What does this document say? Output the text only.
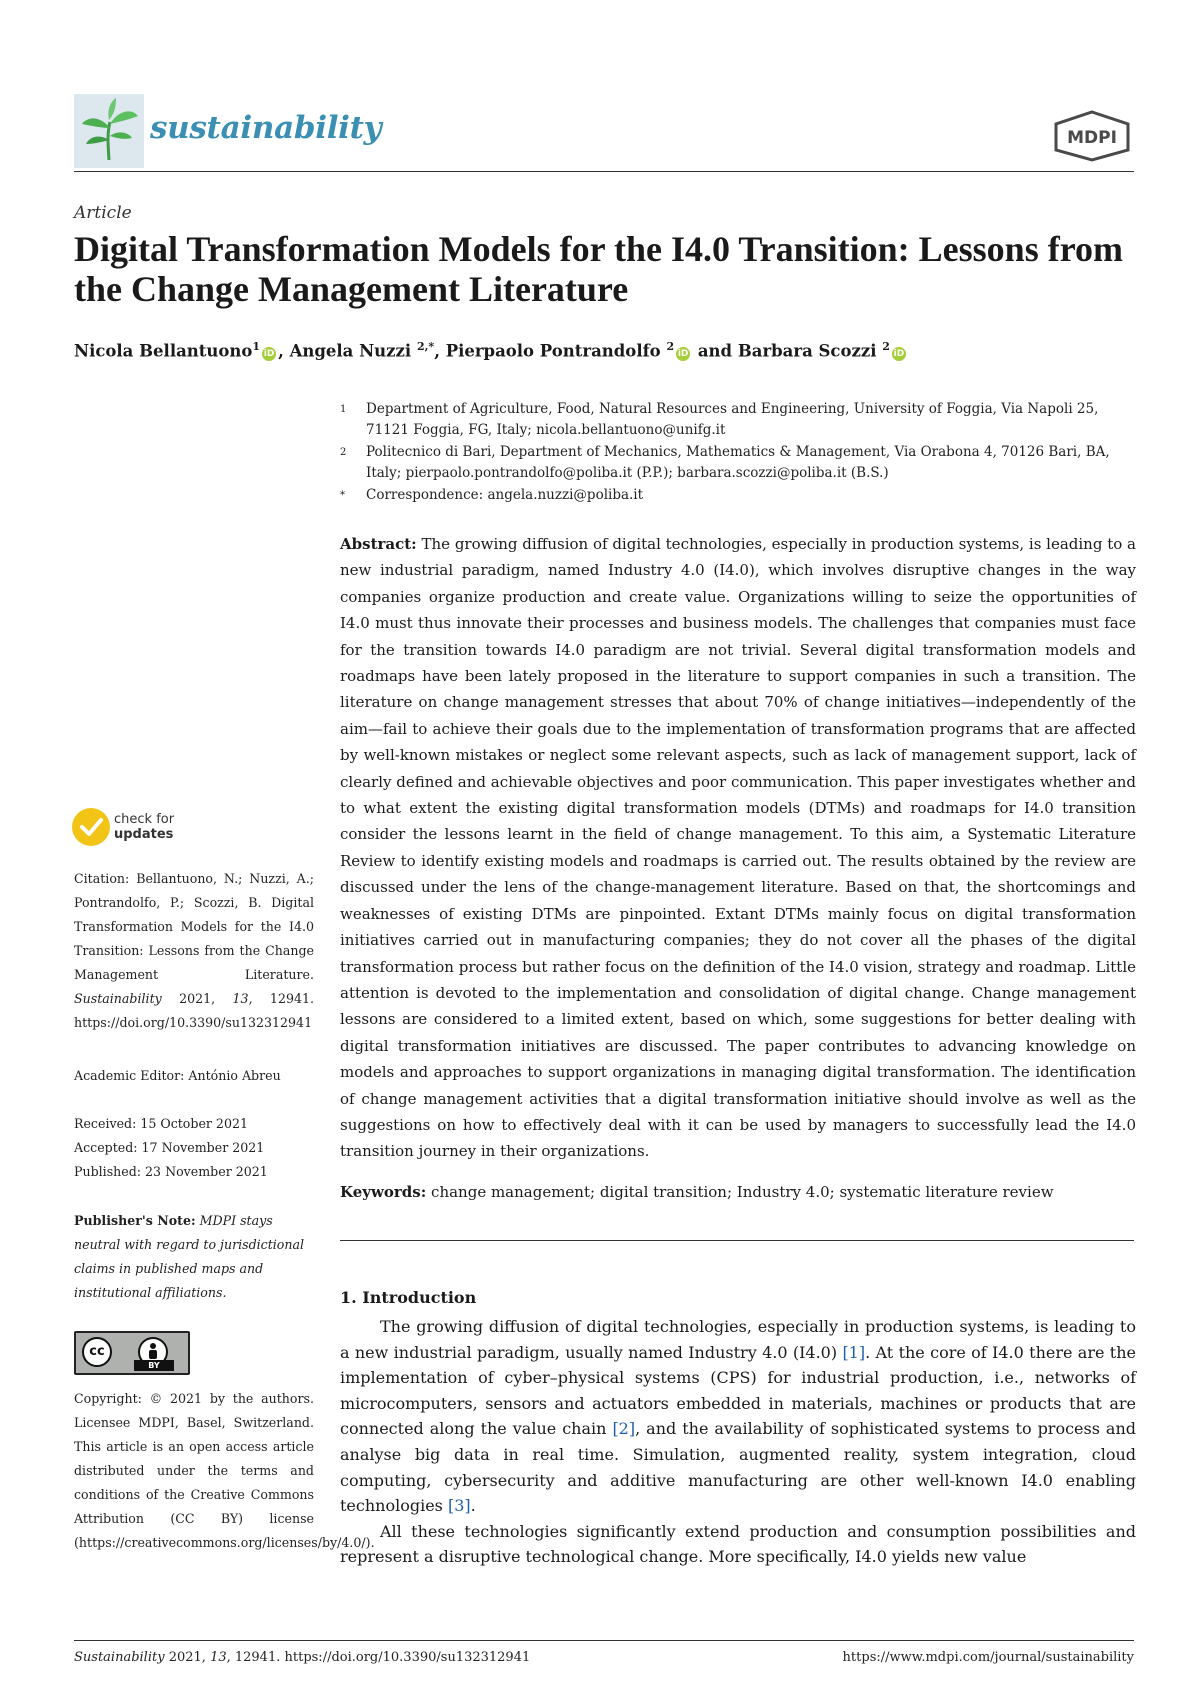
sustainability	MDPI
Article
Digital Transformation Models for the I4.0 Transition: Lessons from the Change Management Literature
Nicola Bellantuono$^1$iD , Angela Nuzzi $^{2,*}$, Pierpaolo Pontrandolfo $^2$iD and Barbara Scozzi $^2$iD
1 Department of Agriculture, Food, Natural Resources and Engineering, University of Foggia, Via Napoli 25, 71121 Foggia, FG, Italy; nicola.bellantuono@unifg.it
2 Politecnico di Bari, Department of Mechanics, Mathematics & Management, Via Orabona 4, 70126 Bari, BA, Italy; pierpaolo.pontrandolfo@poliba.it (P.P.); barbara.scozzi@poliba.it (B.S.)
* Correspondence: angela.nuzzi@poliba.it

Abstract: The growing diffusion of digital technologies, especially in production systems, is leading to a new industrial paradigm, named Industry 4.0 (I4.0), which involves disruptive changes in the way companies organize production and create value. Organizations willing to seize the opportunities of I4.0 must thus innovate their processes and business models. The challenges that companies must face for the transition towards I4.0 paradigm are not trivial. Several digital transformation models and roadmaps have been lately proposed in the literature to support companies in such a transition. The literature on change management stresses that about 70% of change initiatives—independently of the aim—fail to achieve their goals due to the implementation of transformation programs that are affected by well-known mistakes or neglect some relevant aspects, such as lack of management support, lack of clearly defined and achievable objectives and poor communication. This paper investigates whether and to what extent the existing digital transformation models (DTMs) and roadmaps for I4.0 transition consider the lessons learnt in the field of change management. To this aim, a Systematic Literature Review to identify existing models and roadmaps is carried out. The results obtained by the review are discussed under the lens of the change-management literature. Based on that, the shortcomings and weaknesses of existing DTMs are pinpointed. Extant DTMs mainly focus on digital transformation initiatives carried out in manufacturing companies; they do not cover all the phases of the digital transformation process but rather focus on the definition of the I4.0 vision, strategy and roadmap. Little attention is devoted to the implementation and consolidation of digital change. Change management lessons are considered to a limited extent, based on which, some suggestions for better dealing with digital transformation initiatives are discussed. The paper contributes to advancing knowledge on models and approaches to support organizations in managing digital transformation. The identification of change management activities that a digital transformation initiative should involve as well as the suggestions on how to effectively deal with it can be used by managers to successfully lead the I4.0 transition journey in their organizations.

Keywords: change management; digital transition; Industry 4.0; systematic literature review
1. Introduction

The growing diffusion of digital technologies, especially in production systems, is leading to a new industrial paradigm, usually named Industry 4.0 (I4.0) [1]. At the core of I4.0 there are the implementation of cyber–physical systems (CPS) for industrial production, i.e., networks of microcomputers, sensors and actuators embedded in materials, machines or products that are connected along the value chain [2], and the availability of sophisticated systems to process and analyse big data in real time. Simulation, augmented reality, system integration, cloud computing, cybersecurity and additive manufacturing are other well-known I4.0 enabling technologies [3].

All these technologies significantly extend production and consumption possibilities and represent a disruptive technological change. More specifically, I4.0 yields new value

check for
updates
Citation: Bellantuono, N.; Nuzzi, A.; Pontrandolfo, P.; Scozzi, B. Digital Transformation Models for the I4.0 Transition: Lessons from the Change Management Literature. Sustainability 2021, 13, 12941. https://doi.org/10.3390/su132312941
Academic Editor: António Abreu
Received: 15 October 2021
Accepted: 17 November 2021
Published: 23 November 2021
Publisher's Note: MDPI stays neutral with regard to jurisdictional claims in published maps and institutional affiliations.
cc
BY
Copyright: © 2021 by the authors. Licensee MDPI, Basel, Switzerland. This article is an open access article distributed under the terms and conditions of the Creative Commons Attribution (CC BY) license (https://creativecommons.org/licenses/by/4.0/).
Sustainability 2021, 13, 12941. https://doi.org/10.3390/su132312941	https://www.mdpi.com/journal/sustainability
